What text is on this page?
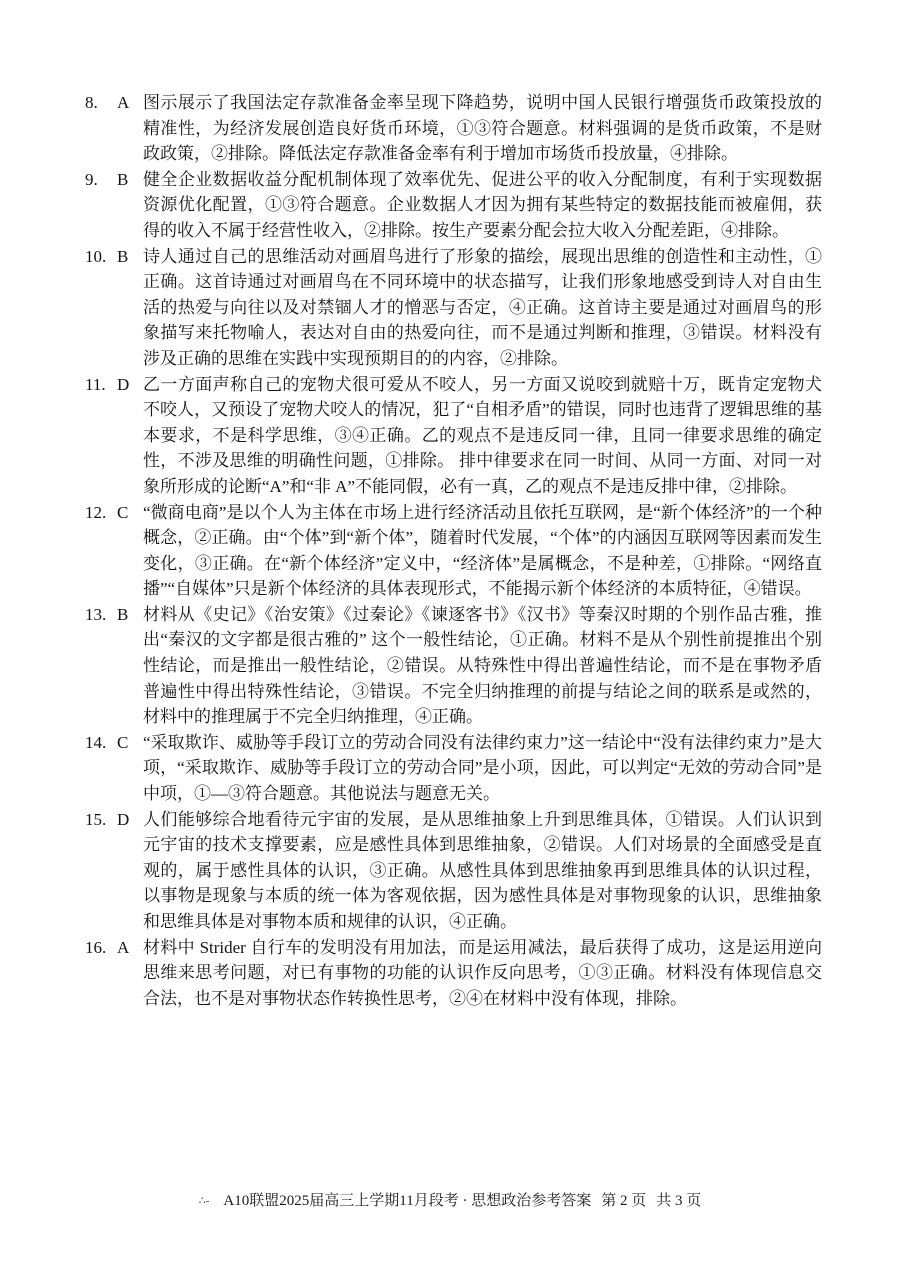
8.	A 图示展示了我国法定存款准备金率呈现下降趋势，说明中国人民银行增强货币政策投放的精准性，为经济发展创造良好货币环境，①③符合题意。材料强调的是货币政策，不是财政政策，②排除。降低法定存款准备金率有利于增加市场货币投放量，④排除。
9.	B 健全企业数据收益分配机制体现了效率优先、促进公平的收入分配制度，有利于实现数据资源优化配置，①③符合题意。企业数据人才因为拥有某些特定的数据技能而被雇佣，获得的收入不属于经营性收入，②排除。按生产要素分配会拉大收入分配差距，④排除。
10. B 诗人通过自己的思维活动对画眉鸟进行了形象的描绘，展现出思维的创造性和主动性，①正确。这首诗通过对画眉鸟在不同环境中的状态描写，让我们形象地感受到诗人对自由生活的热爱与向往以及对禁锢人才的憎恶与否定，④正确。这首诗主要是通过对画眉鸟的形象描写来托物喻人，表达对自由的热爱向往，而不是通过判断和推理，③错误。材料没有涉及正确的思维在实践中实现预期目的的内容，②排除。
11. D 乙一方面声称自己的宠物犬很可爱从不咬人，另一方面又说咬到就赔十万，既肯定宠物犬不咬人，又预设了宠物犬咬人的情况，犯了“自相矛盾”的错误，同时也违背了逻辑思维的基本要求，不是科学思维，③④正确。乙的观点不是违反同一律，且同一律要求思维的确定性，不涉及思维的明确性问题，①排除。 排中律要求在同一时间、从同一方面、对同一对象所形成的论断“A”和“非 A”不能同假，必有一真，乙的观点不是违反排中律，②排除。
12. C “微商电商”是以个人为主体在市场上进行经济活动且依托互联网，是“新个体经济”的一个种概念，②正确。由“个体”到“新个体”，随着时代发展，“个体”的内涵因互联网等因素而发生变化，③正确。在“新个体经济”定义中，“经济体”是属概念，不是种差，①排除。“网络直播”“自媒体”只是新个体经济的具体表现形式，不能揭示新个体经济的本质特征，④错误。
13. B 材料从《史记》《治安策》《过秦论》《谏逐客书》《汉书》等秦汉时期的个别作品古雅，推出“秦汉的文字都是很古雅的” 这个一般性结论，①正确。材料不是从个别性前提推出个别性结论，而是推出一般性结论，②错误。从特殊性中得出普遍性结论，而不是在事物矛盾普遍性中得出特殊性结论，③错误。不完全归纳推理的前提与结论之间的联系是或然的，材料中的推理属于不完全归纳推理，④正确。
14. C “采取欺诈、威胁等手段订立的劳动合同没有法律约束力”这一结论中“没有法律约束力”是大项，“采取欺诈、威胁等手段订立的劳动合同”是小项，因此，可以判定“无效的劳动合同”是中项，①—③符合题意。其他说法与题意无关。
15. D 人们能够综合地看待元宇宙的发展，是从思维抽象上升到思维具体，①错误。人们认识到元宇宙的技术支撑要素，应是感性具体到思维抽象，②错误。人们对场景的全面感受是直观的，属于感性具体的认识，③正确。从感性具体到思维抽象再到思维具体的认识过程，以事物是现象与本质的统一体为客观依据，因为感性具体是对事物现象的认识，思维抽象和思维具体是对事物本质和规律的认识，④正确。
16. A 材料中 Strider 自行车的发明没有用加法，而是运用减法，最后获得了成功，这是运用逆向思维来思考问题，对已有事物的功能的认识作反向思考，①③正确。材料没有体现信息交合法，也不是对事物状态作转换性思考，②④在材料中没有体现，排除。
∴- A10联盟2025届高三上学期11月段考 · 思想政治参考答案 第 2 页 共 3 页
